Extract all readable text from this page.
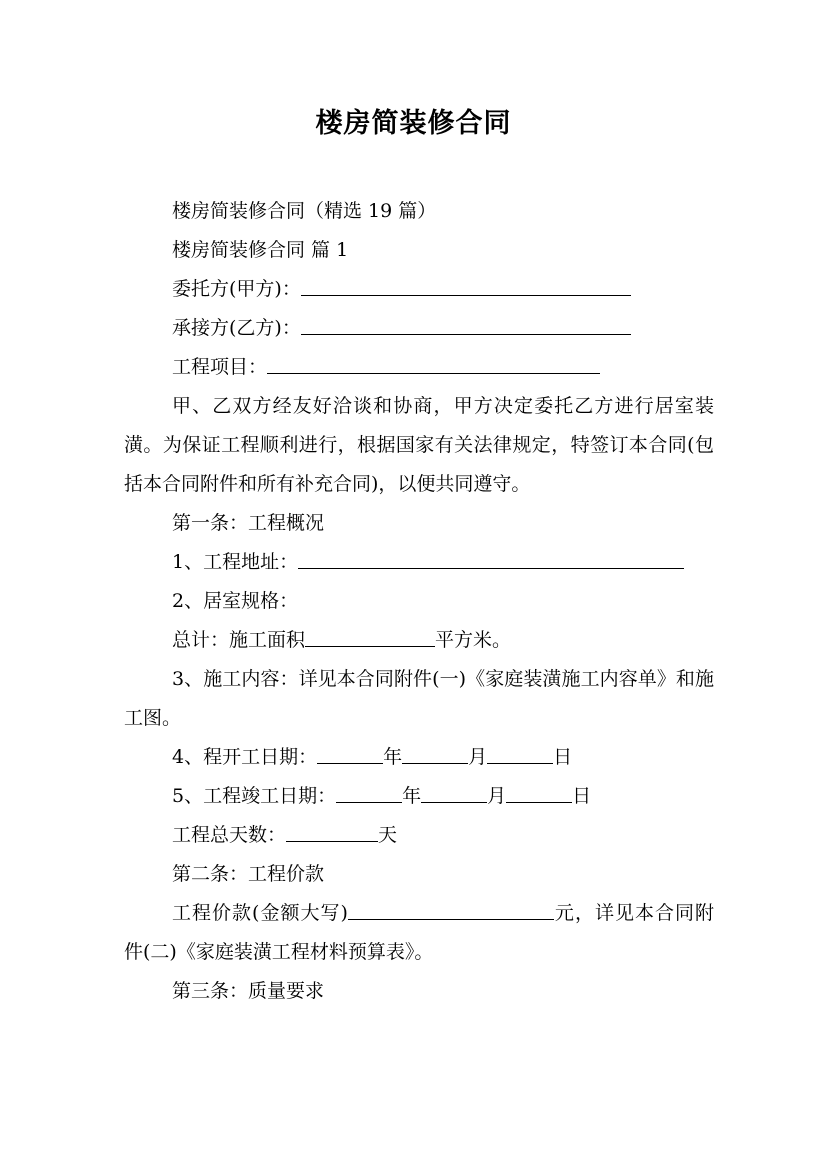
楼房简装修合同

楼房简装修合同（精选 19 篇）

楼房简装修合同 篇 1

委托方(甲方)：

承接方(乙方)：

工程项目：

甲、乙双方经友好洽谈和协商，甲方决定委托乙方进行居室装潢。为保证工程顺利进行，根据国家有关法律规定，特签订本合同(包括本合同附件和所有补充合同)，以便共同遵守。

第一条：工程概况

1、工程地址：

2、居室规格：

总计：施工面积	平方米。

3、施工内容：详见本合同附件(一)《家庭装潢施工内容单》和施工图。

4、程开工日期：	年	月	日

5、工程竣工日期：	年	月	日

工程总天数：	天

第二条：工程价款

工程价款(金额大写)	元，详见本合同附件(二)《家庭装潢工程材料预算表》。

第三条：质量要求
